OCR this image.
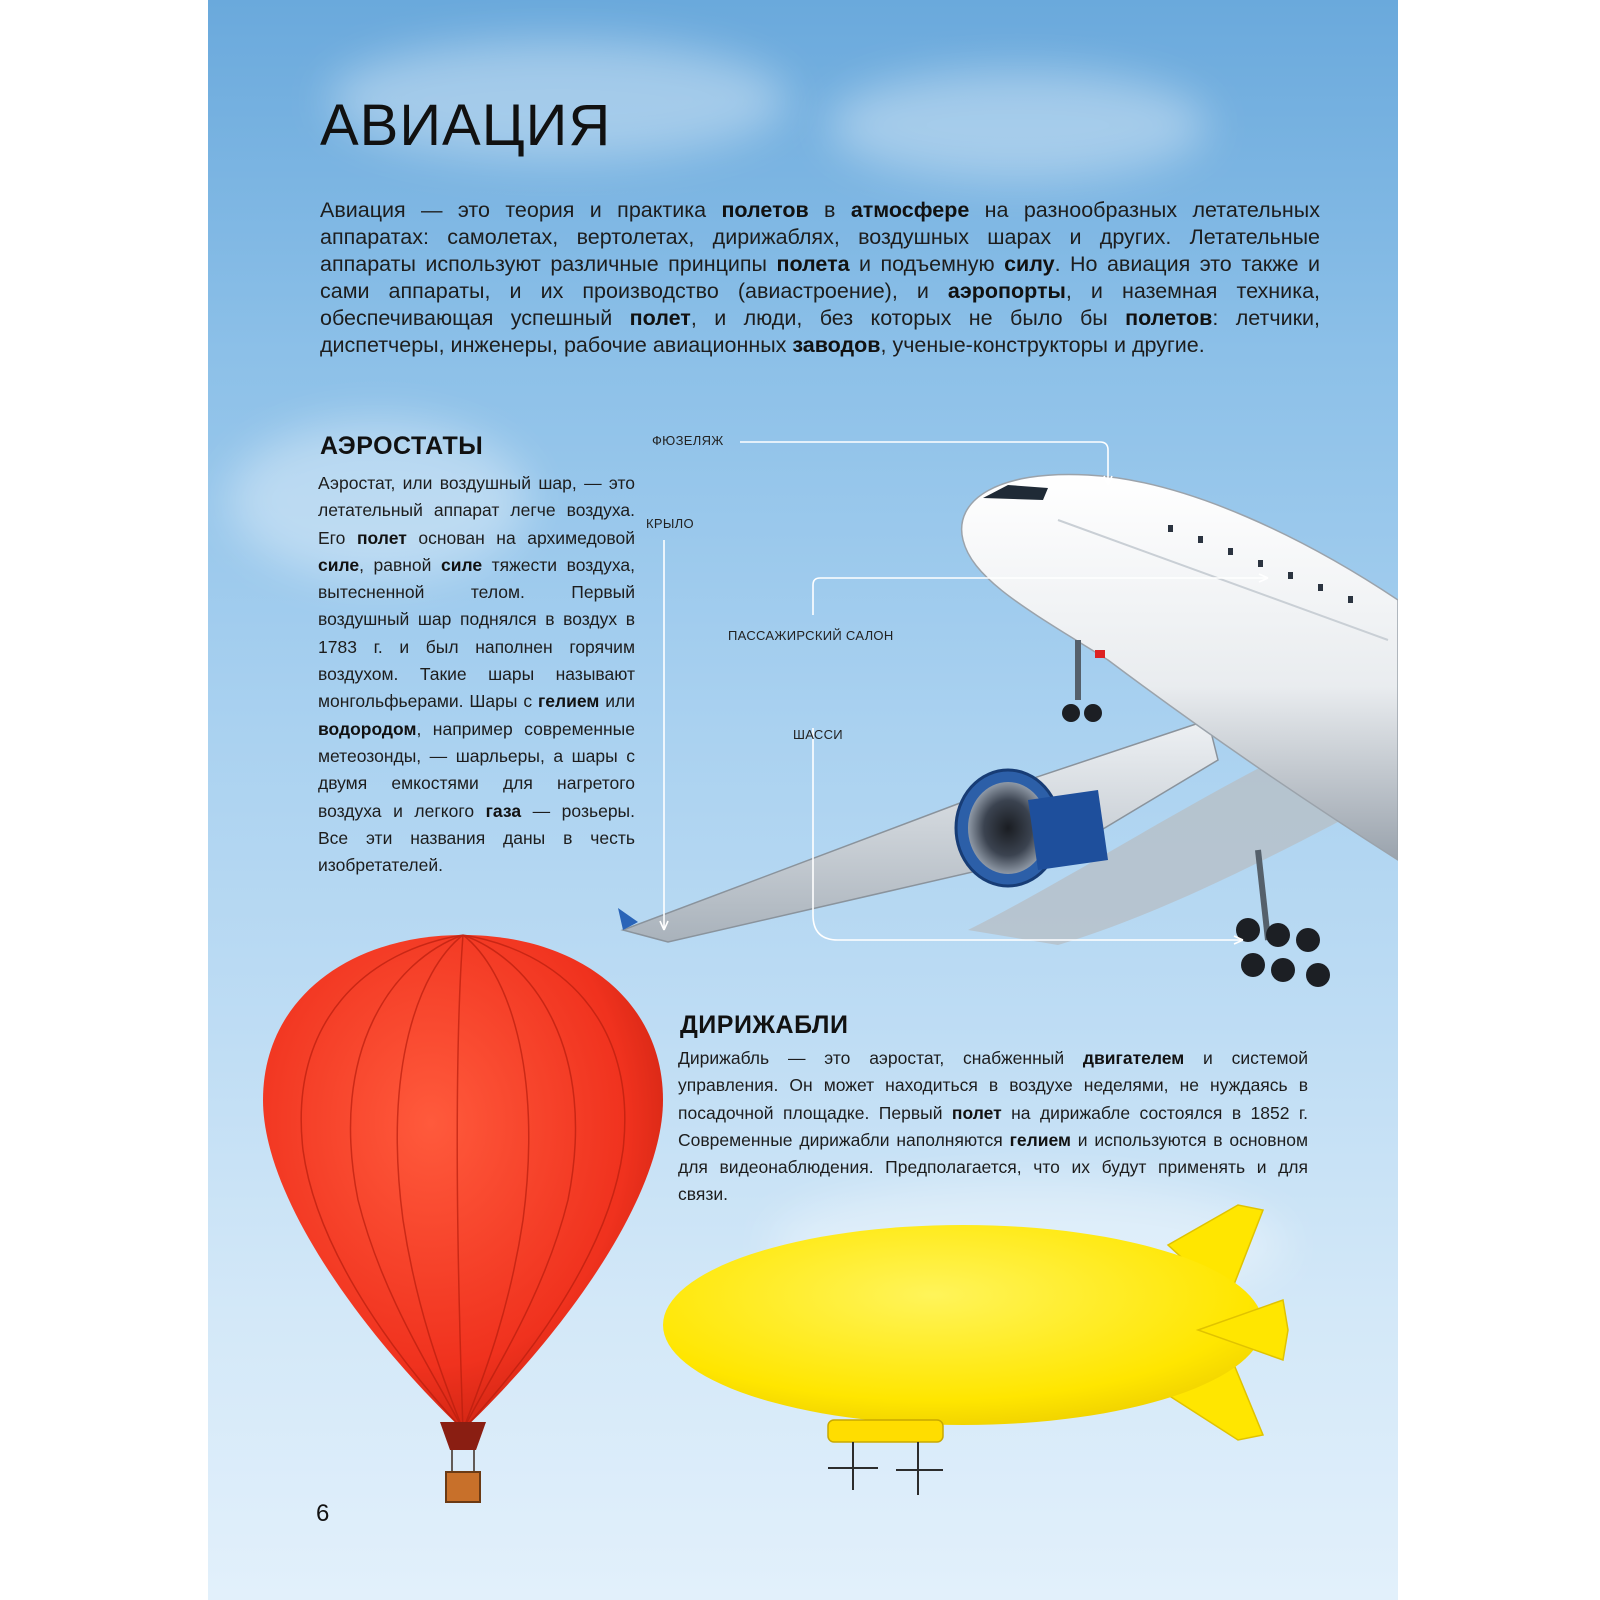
АВИАЦИЯ
Авиация — это теория и практика полетов в атмосфере на разнообразных летательных аппаратах: самолетах, вертолетах, дирижаблях, воздушных шарах и других. Летательные аппараты используют различные принципы полета и подъемную силу. Но авиация это также и сами аппараты, и их производство (авиастроение), и аэропорты, и наземная техника, обеспечивающая успешный полет, и люди, без которых не было бы полетов: летчики, диспетчеры, инженеры, рабочие авиационных заводов, ученые-конструкторы и другие.
АЭРОСТАТЫ
Аэростат, или воздушный шар, — это летательный аппарат легче воздуха. Его полет основан на архимедовой силе, равной силе тяжести воздуха, вытесненной телом. Первый воздушный шар поднялся в воздух в 1783 г. и был наполнен горячим воздухом. Такие шары называют монгольфьерами. Шары с гелием или водородом, например современные метеозонды, — шарльеры, а шары с двумя емкостями для нагретого воздуха и легкого газа — розьеры. Все эти названия даны в честь изобретателей.
ФЮЗЕЛЯЖ
КРЫЛО
ПАССАЖИРСКИЙ САЛОН
ШАССИ
ДИРИЖАБЛИ
Дирижабль — это аэростат, снабженный двигателем и системой управления. Он может находиться в воздухе неделями, не нуждаясь в посадочной площадке. Первый полет на дирижабле состоялся в 1852 г. Современные дирижабли наполняются гелием и используются в основном для видеонаблюдения. Предполагается, что их будут применять и для связи.
6
